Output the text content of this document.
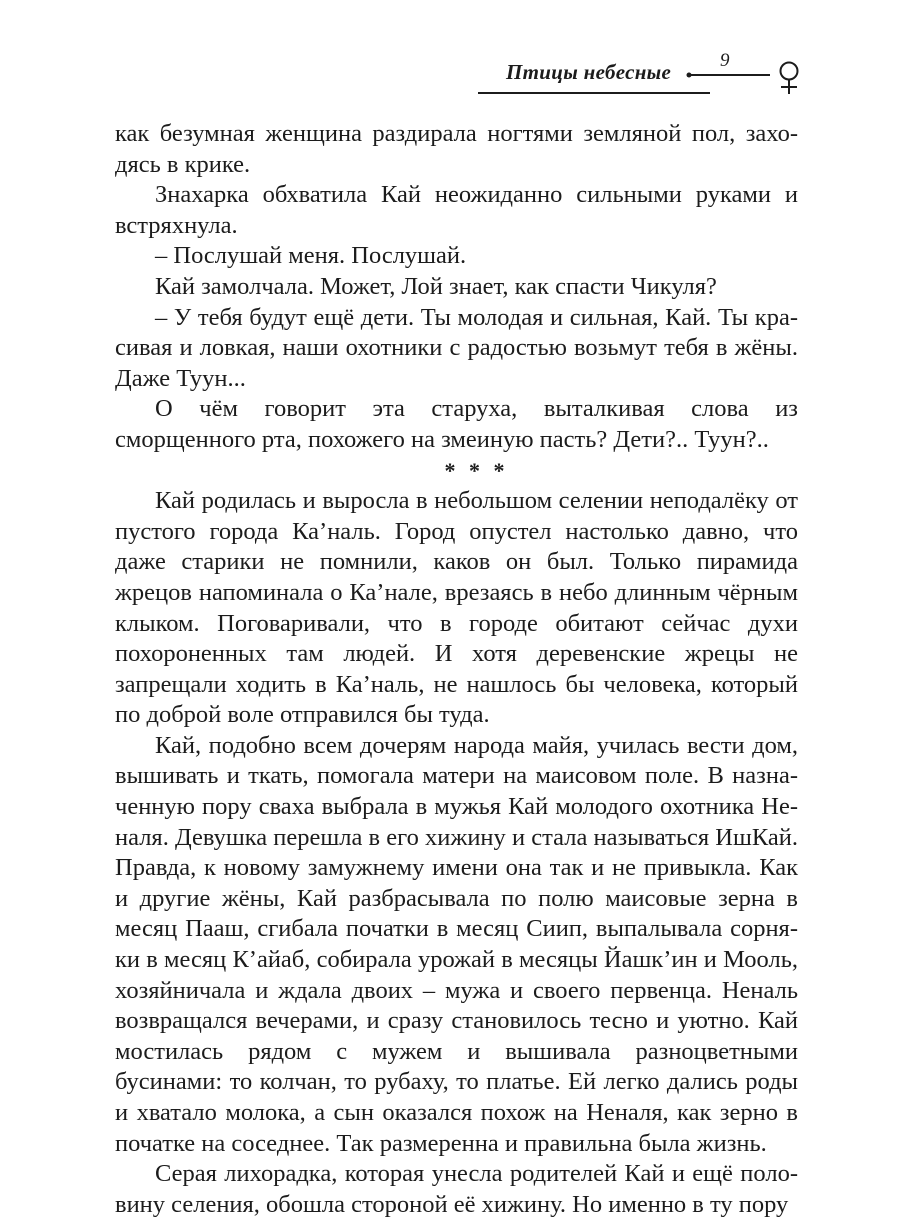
Птицы небесные	9

как безумная женщина раздирала ногтями земляной пол, заходясь в крике.

Знахарка обхватила Кай неожиданно сильными руками и встряхнула.

– Послушай меня. Послушай.

Кай замолчала. Может, Лой знает, как спасти Чикуля?

– У тебя будут ещё дети. Ты молодая и сильная, Кай. Ты красивая и ловкая, наши охотники с радостью возьмут тебя в жёны. Даже Туун...

О чём говорит эта старуха, выталкивая слова из сморщенного рта, похожего на змеиную пасть? Дети?.. Туун?..

* * *

Кай родилась и выросла в небольшом селении неподалёку от пустого города Ка’наль. Город опустел настолько давно, что даже старики не помнили, каков он был. Только пирамида жрецов напоминала о Ка’нале, врезаясь в небо длинным чёрным клыком. Поговаривали, что в городе обитают сейчас духи похороненных там людей. И хотя деревенские жрецы не запрещали ходить в Ка’наль, не нашлось бы человека, который по доброй воле отправился бы туда.

Кай, подобно всем дочерям народа майя, училась вести дом, вышивать и ткать, помогала матери на маисовом поле. В назначенную пору сваха выбрала в мужья Кай молодого охотника Неналя. Девушка перешла в его хижину и стала называться ИшКай. Правда, к новому замужнему имени она так и не привыкла. Как и другие жёны, Кай разбрасывала по полю маисовые зерна в месяц Пааш, сгибала початки в месяц Сиип, выпалывала сорняки в месяц К’айаб, собирала урожай в месяцы Йашк’ин и Мооль, хозяйничала и ждала двоих – мужа и своего первенца. Неналь возвращался вечерами, и сразу становилось тесно и уютно. Кай мостилась рядом с мужем и вышивала разноцветными бусинами: то колчан, то рубаху, то платье. Ей легко дались роды и хватало молока, а сын оказался похож на Неналя, как зерно в початке на соседнее. Так размеренна и правильна была жизнь.

Серая лихорадка, которая унесла родителей Кай и ещё половину селения, обошла стороной её хижину. Но именно в ту пору
